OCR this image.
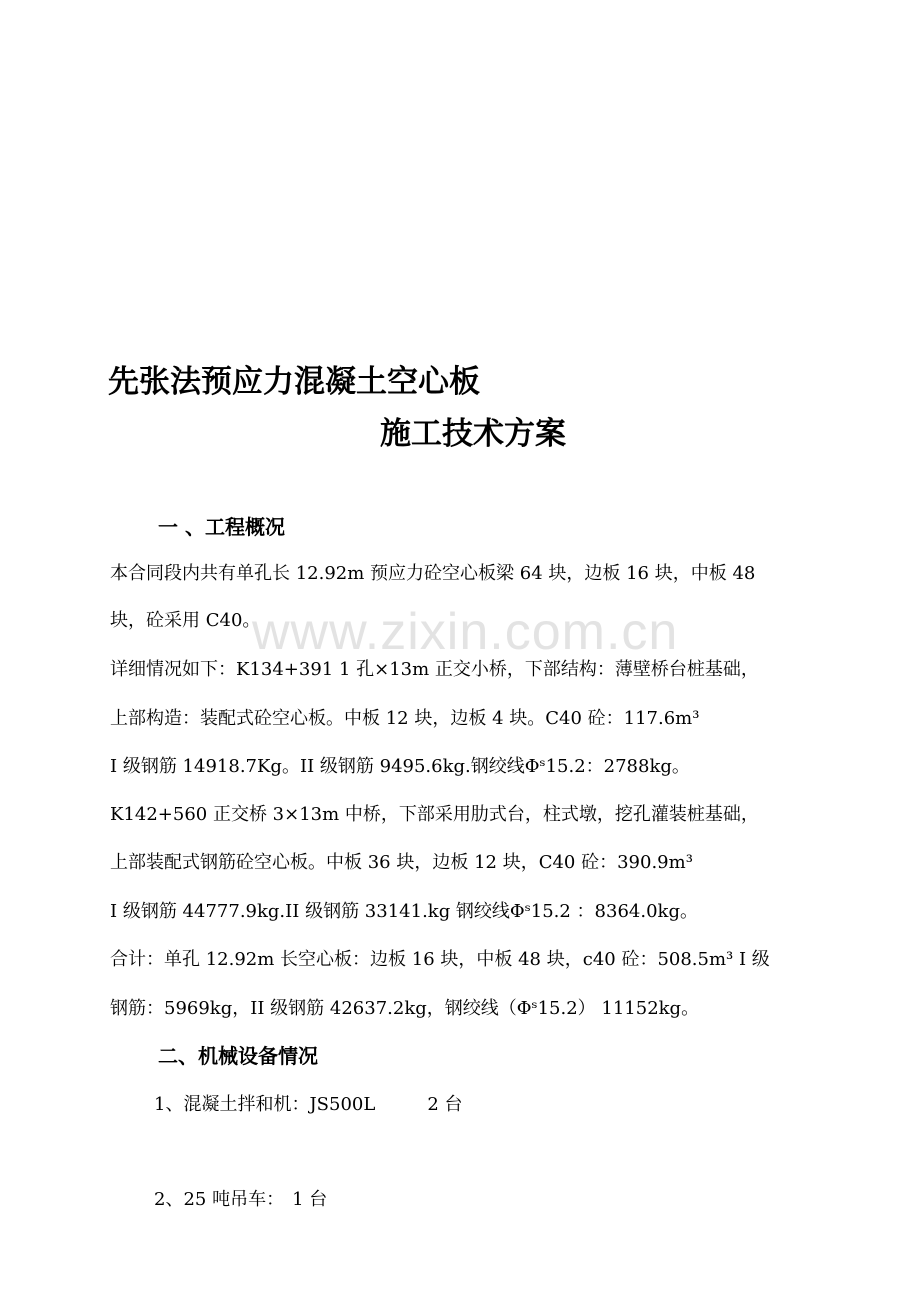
www.zixin.com.cn
先张法预应力混凝土空心板
施工技术方案
一 、工程概况
本合同段内共有单孔长 12.92m 预应力砼空心板梁 64 块，边板 16 块，中板 48
块，砼采用 C40。
详细情况如下：K134+391 1 孔×13m 正交小桥，下部结构：薄壁桥台桩基础，
上部构造：装配式砼空心板。中板 12 块，边板 4 块。C40 砼：117.6m³
I 级钢筋 14918.7Kg。II 级钢筋 9495.6kg.钢绞线Φˢ15.2：2788kg。
K142+560 正交桥 3×13m 中桥，下部采用肋式台，柱式墩，挖孔灌装桩基础，
上部装配式钢筋砼空心板。中板 36 块，边板 12 块，C40 砼：390.9m³
I 级钢筋 44777.9kg.II 级钢筋 33141.kg 钢绞线Φˢ15.2 ：8364.0kg。
合计：单孔 12.92m 长空心板：边板 16 块，中板 48 块，c40 砼：508.5m³ I 级
钢筋：5969kg，II 级钢筋 42637.2kg，钢绞线（Φˢ15.2） 11152kg。
二、机械设备情况
1、混凝土拌和机：JS500L	2 台
2、25 吨吊车： 1 台
